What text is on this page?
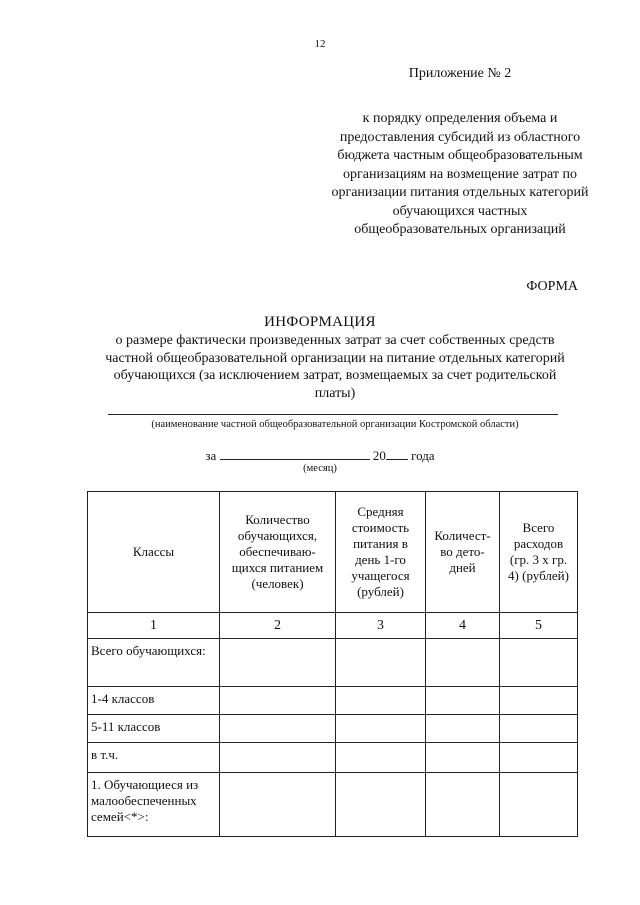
12
Приложение № 2
к порядку определения объема и предоставления субсидий из областного бюджета частным общеобразовательным организациям на возмещение затрат по организации питания отдельных категорий обучающихся частных общеобразовательных организаций
ФОРМА
ИНФОРМАЦИЯ
о размере фактически произведенных затрат за счет собственных средств частной общеобразовательной организации на питание отдельных категорий обучающихся (за исключением затрат, возмещаемых за счет родительской платы)
(наименование частной общеобразовательной организации Костромской области)
за	20 года
(месяц)
Классы	Количество обучающихся, обеспечиваю-щихся питанием (человек)	Средняя стоимость питания в день 1-го учащегося (рублей)	Количест-во дето-дней	Всего расходов (гр. 3 х гр. 4) (рублей)
1	2	3	4	5
Всего обучающихся:				
1-4 классов				
5-11 классов				
в т.ч.				
1. Обучающиеся из малообеспеченных семей<*>:				
